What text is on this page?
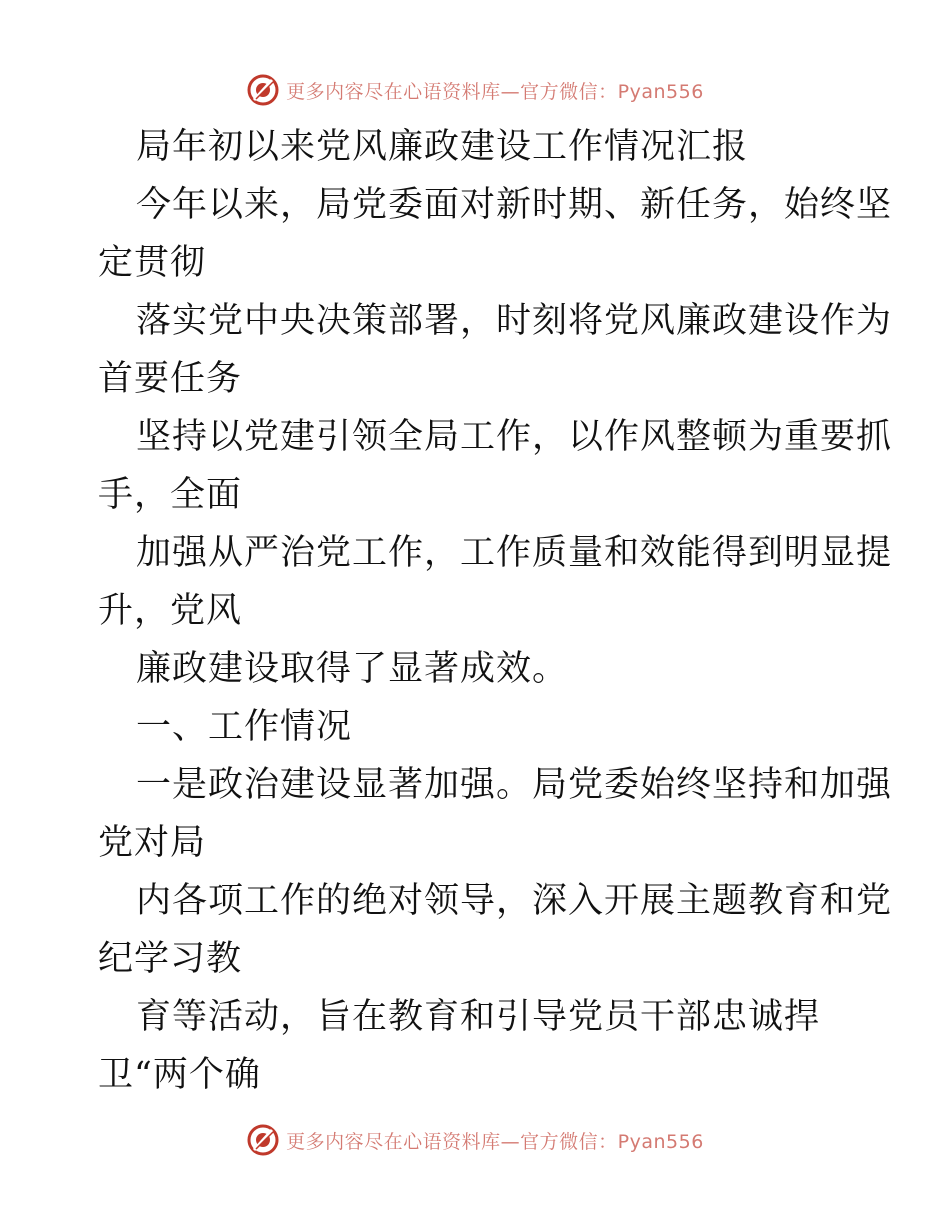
更多内容尽在心语资料库—官方微信：Pyan556
局年初以来党风廉政建设工作情况汇报
今年以来，局党委面对新时期、新任务，始终坚
定贯彻
落实党中央决策部署，时刻将党风廉政建设作为
首要任务
坚持以党建引领全局工作，以作风整顿为重要抓
手，全面
加强从严治党工作，工作质量和效能得到明显提
升，党风
廉政建设取得了显著成效。
一、工作情况
一是政治建设显著加强。局党委始终坚持和加强
党对局
内各项工作的绝对领导，深入开展主题教育和党
纪学习教
育等活动，旨在教育和引导党员干部忠诚捍
卫“两个确
更多内容尽在心语资料库—官方微信：Pyan556
